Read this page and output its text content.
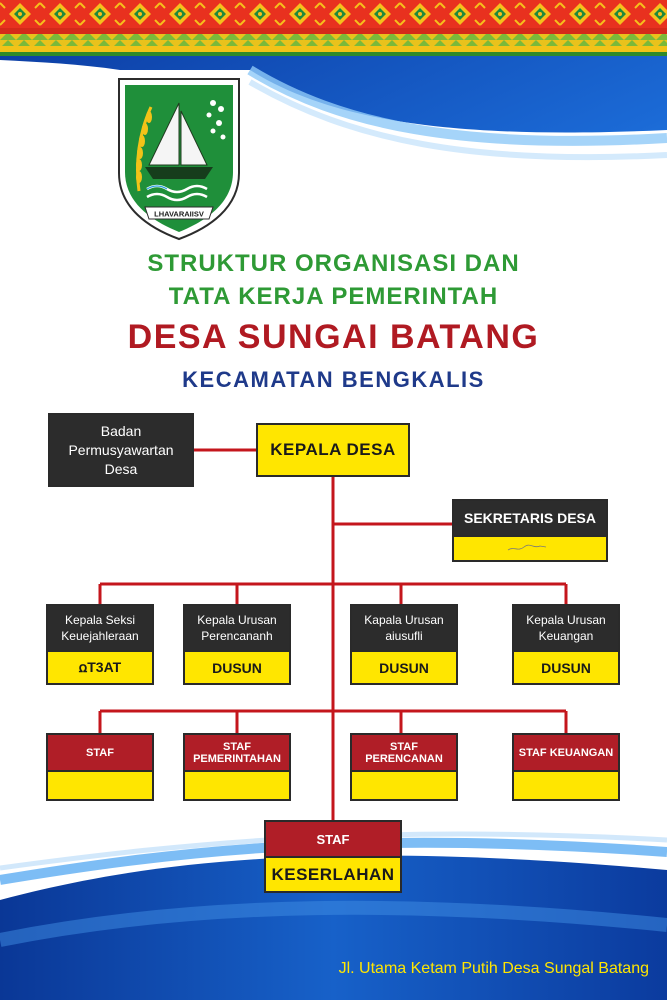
LHAVARAIISV
STRUKTUR ORGANISASI DAN
TATA KERJA PEMERINTAH
DESA SUNGAI BATANG
KECAMATAN BENGKALIS
Badan
Permusyawartan
Desa
KEPALA DESA
SEKRETARIS DESA
Kepala Seksi
Keuejahleraan
ꭥT3AT
Kepala Urusan
Perencananh
DUSUN
Kapala Urusan
aiusufli
DUSUN
Kepala Urusan
Keuangan
DUSUN
STAF	STAF PEMERINTAHAN
STAF PERENCANAN	STAF KEUANGAN
STAF
KESERLAHAN
Jl. Utama Ketam Putih Desa Sungal Batang
